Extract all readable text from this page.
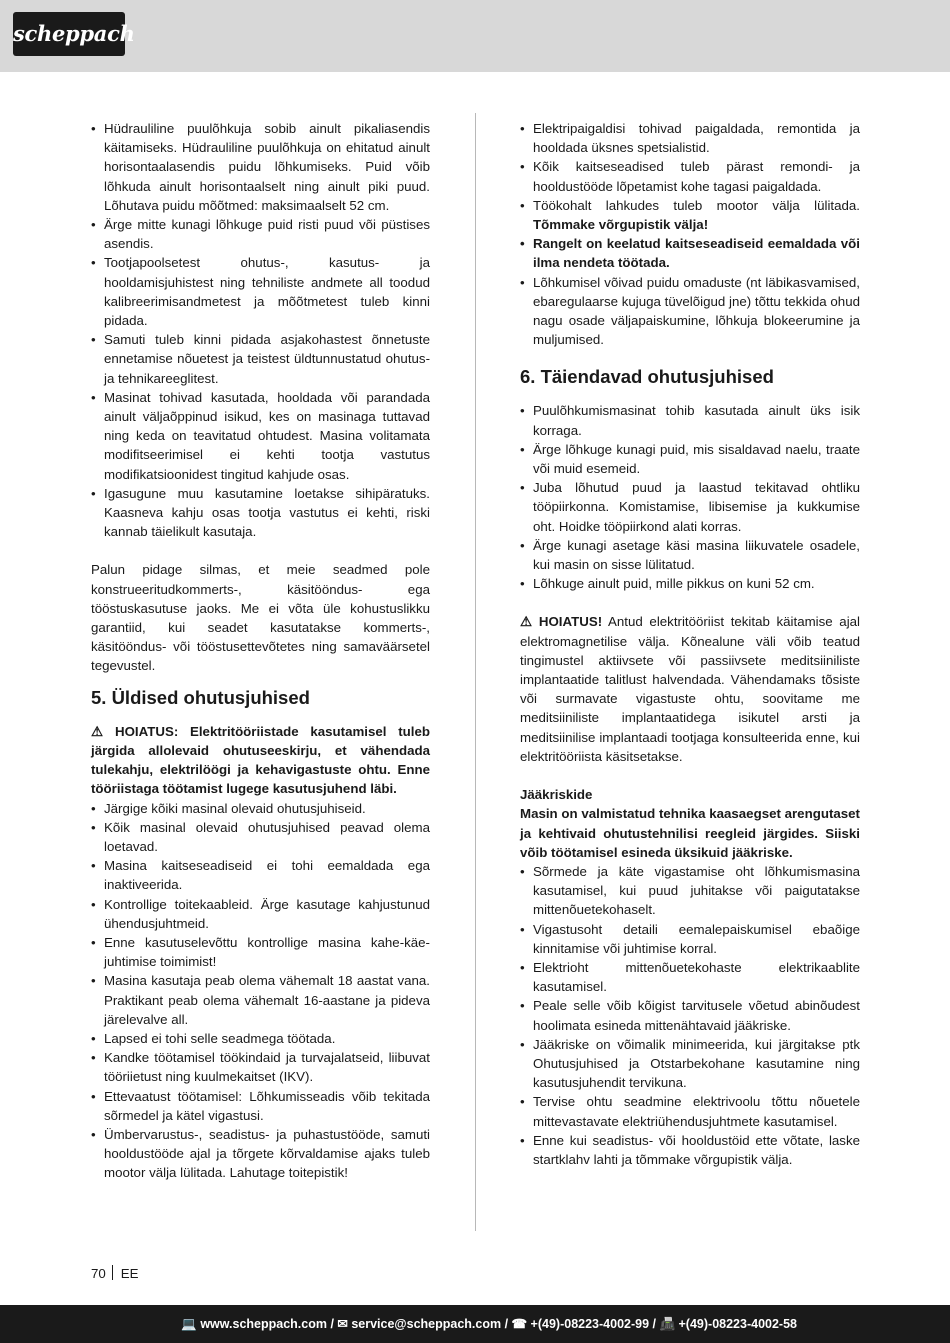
scheppach
• Hüdrauliline puulõhkuja sobib ainult pikaliasendis käitamiseks. Hüdrauliline puulõhkuja on ehitatud ainult horisontaalasendis puidu lõhkumiseks. Puid võib lõhkuda ainult horisontaalselt ning ainult piki puud. Lõhutava puidu mõõtmed: maksimaalselt 52 cm.
• Ärge mitte kunagi lõhkuge puid risti puud või püstises asendis.
• Tootjapoolsetest ohutus-, kasutus- ja hooldamisjuhistest ning tehniliste andmete all toodud kalibreerimisandmetest ja mõõtmetest tuleb kinni pidada.
• Samuti tuleb kinni pidada asjakohastest õnnetuste ennetamise nõuetest ja teistest üldtunnustatud ohutus- ja tehnikareeglitest.
• Masinat tohivad kasutada, hooldada või parandada ainult väljaõppinud isikud, kes on masinaga tuttavad ning keda on teavitatud ohtudest. Masina volitamata modifitseerimisel ei kehti tootja vastutus modifikatsioonidest tingitud kahjude osas.
• Igasugune muu kasutamine loetakse sihipäratuks. Kaasneva kahju osas tootja vastutus ei kehti, riski kannab täielikult kasutaja.

Palun pidage silmas, et meie seadmed pole konstrueeritudkommerts-, käsitööndus- ega tööstuskasutuse jaoks. Me ei võta üle kohustuslikku garantiid, kui seadet kasutatakse kommerts-, käsitööndus- või tööstusettevõtetes ning samaväärsetel tegevustel.

5. Üldised ohutusjuhised

⚠ HOIATUS: Elektritööriistade kasutamisel tuleb järgida allolevaid ohutuseeskirju, et vähendada tulekahju, elektrilöögi ja kehavigastuste ohtu. Enne tööriistaga töötamist lugege kasutusjuhend läbi.

• Järgige kõiki masinal olevaid ohutusjuhiseid.
• Kõik masinal olevaid ohutusjuhised peavad olema loetavad.
• Masina kaitseseadiseid ei tohi eemaldada ega inaktiveerida.
• Kontrollige toitekaableid. Ärge kasutage kahjustunud ühendusjuhtmeid.
• Enne kasutuselevõttu kontrollige masina kahe-käe-juhtimise toimimist!
• Masina kasutaja peab olema vähemalt 18 aastat vana. Praktikant peab olema vähemalt 16-aastane ja pideva järelevalve all.
• Lapsed ei tohi selle seadmega töötada.
• Kandke töötamisel töökindaid ja turvajalatseid, liibuvat tööriietust ning kuulmekaitset (IKV).
• Ettevaatust töötamisel: Lõhkumisseadis võib tekitada sõrmedel ja kätel vigastusi.
• Ümbervarustus-, seadistus- ja puhastustööde, samuti hooldustööde ajal ja tõrgete kõrvaldamise ajaks tuleb mootor välja lülitada. Lahutage toitepistik!
• Elektripaigaldisi tohivad paigaldada, remontida ja hooldada üksnes spetsialistid.
• Kõik kaitseseadised tuleb pärast remondi- ja hooldustööde lõpetamist kohe tagasi paigaldada.
• Töökohalt lahkudes tuleb mootor välja lülitada. Tõmmake võrgupistik välja!
• Rangelt on keelatud kaitseseadiseid eemaldada või ilma nendeta töötada.
• Lõhkumisel võivad puidu omaduste (nt läbikasvamised, ebaregulaarse kujuga tüvelõigud jne) tõttu tekkida ohud nagu osade väljapaiskumine, lõhkuja blokeerumine ja muljumised.
6. Täiendavad ohutusjuhised
• Puulõhkumismasinat tohib kasutada ainult üks isik korraga.
• Ärge lõhkuge kunagi puid, mis sisaldavad naelu, traate või muid esemeid.
• Juba lõhutud puud ja laastud tekitavad ohtliku tööpiirkonna. Komistamise, libisemise ja kukkumise oht. Hoidke tööpiirkond alati korras.
• Ärge kunagi asetage käsi masina liikuvatele osadele, kui masin on sisse lülitatud.
• Lõhkuge ainult puid, mille pikkus on kuni 52 cm.

⚠ HOIATUS! Antud elektritööriist tekitab käitamise ajal elektromagnetilise välja. Kõnealune väli võib teatud tingimustel aktiivsete või passiivsete meditsiiniliste implantaatide talitlust halvendada. Vähendamaks tõsiste või surmavate vigastuste ohtu, soovitame me meditsiiniliste implantaatidega isikutel arsti ja meditsiinilise implantaadi tootjaga konsulteerida enne, kui elektritööriista käsitsetakse.

Jääkriskide

Masin on valmistatud tehnika kaasaegset arengutaset ja kehtivaid ohutustehnilisi reegleid järgides. Siiski võib töötamisel esineda üksikuid jääkriske.

• Sõrmede ja käte vigastamise oht lõhkumismasina kasutamisel, kui puud juhitakse või paigutatakse mittenõuetekohaselt.
• Vigastusoht detaili eemalepaiskumisel ebaõige kinnitamise või juhtimise korral.
• Elektrioht mittenõuetekohaste elektrikaablite kasutamisel.
• Peale selle võib kõigist tarvitusele võetud abinõudest hoolimata esineda mittenähtavaid jääkriske.
• Jääkriske on võimalik minimeerida, kui järgitakse ptk Ohutusjuhised ja Otstarbekohane kasutamine ning kasutusjuhendit tervikuna.
• Tervise ohtu seadmine elektrivoolu tõttu nõuetele mittevastavate elektriühendusjuhtmete kasutamisel.
• Enne kui seadistus- või hooldustöid ette võtate, laske startklahv lahti ja tõmmake võrgupistik välja.
70 EE
💻 www.scheppach.com / ✉ service@scheppach.com / ☎ +(49)-08223-4002-99 / 📠 +(49)-08223-4002-58
